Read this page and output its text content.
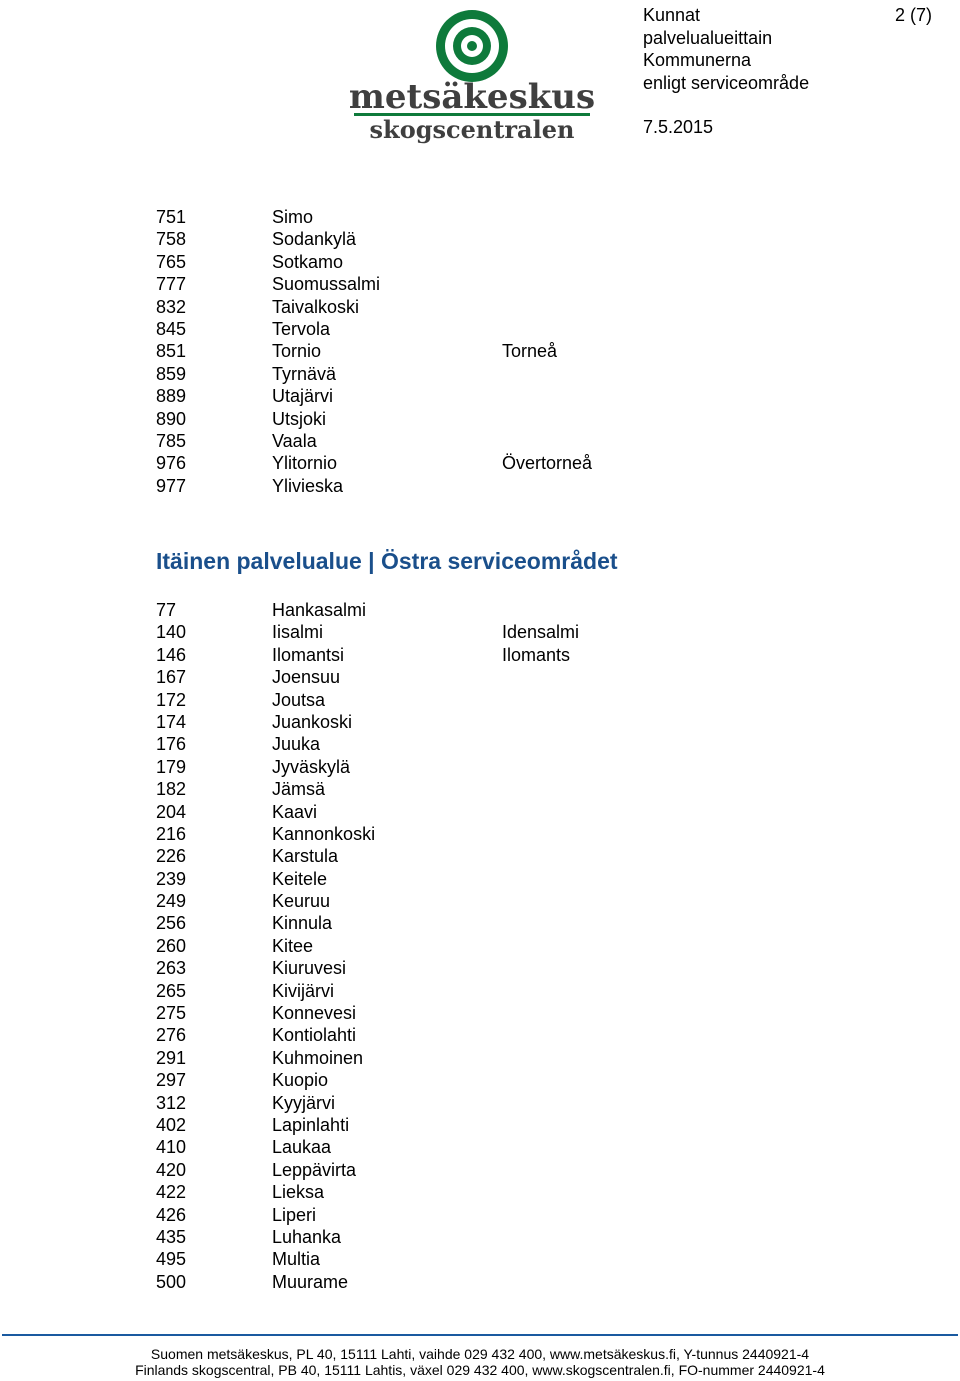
metsäkeskus
skogscentralen
Kunnat
palvelualueittain
Kommunerna
enligt serviceområde
7.5.2015
2 (7)
751	Simo
758	Sodankylä
765	Sotkamo
777	Suomussalmi
832	Taivalkoski
845	Tervola
851	Tornio	Torneå
859	Tyrnävä
889	Utajärvi
890	Utsjoki
785	Vaala
976	Ylitornio	Övertorneå
977	Ylivieska
Itäinen palvelualue | Östra serviceområdet
77	Hankasalmi
140	Iisalmi	Idensalmi
146	Ilomantsi	Ilomants
167	Joensuu
172	Joutsa
174	Juankoski
176	Juuka
179	Jyväskylä
182	Jämsä
204	Kaavi
216	Kannonkoski
226	Karstula
239	Keitele
249	Keuruu
256	Kinnula
260	Kitee
263	Kiuruvesi
265	Kivijärvi
275	Konnevesi
276	Kontiolahti
291	Kuhmoinen
297	Kuopio
312	Kyyjärvi
402	Lapinlahti
410	Laukaa
420	Leppävirta
422	Lieksa
426	Liperi
435	Luhanka
495	Multia
500	Muurame
Suomen metsäkeskus, PL 40, 15111 Lahti, vaihde 029 432 400, www.metsäkeskus.fi, Y-tunnus 2440921-4
Finlands skogscentral, PB 40, 15111 Lahtis, växel 029 432 400, www.skogscentralen.fi, FO-nummer 2440921-4
